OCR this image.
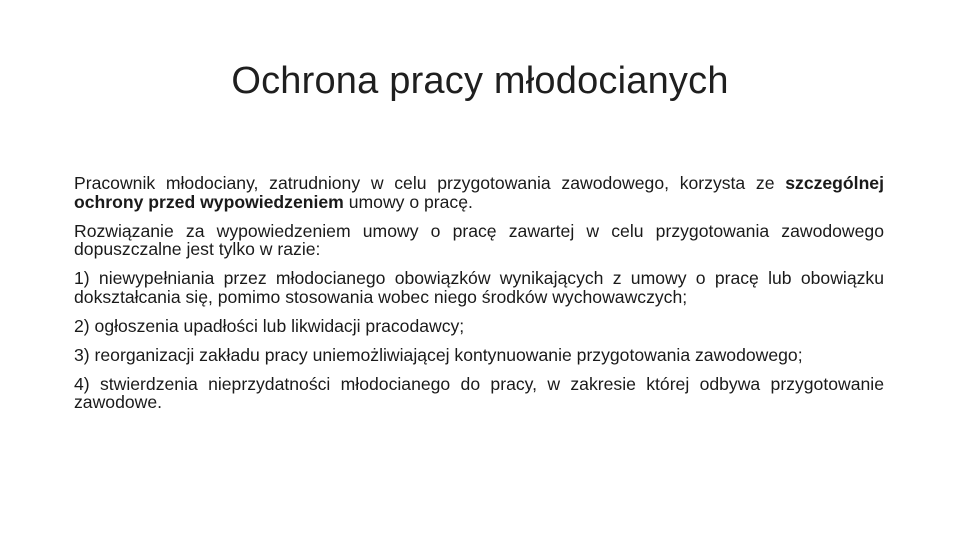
Ochrona pracy młodocianych

Pracownik młodociany, zatrudniony w celu przygotowania zawodowego, korzysta ze szczególnej ochrony przed wypowiedzeniem umowy o pracę.

Rozwiązanie za wypowiedzeniem umowy o pracę zawartej w celu przygotowania zawodowego dopuszczalne jest tylko w razie:

1) niewypełniania przez młodocianego obowiązków wynikających z umowy o pracę lub obowiązku dokształcania się, pomimo stosowania wobec niego środków wychowawczych;

2) ogłoszenia upadłości lub likwidacji pracodawcy;

3) reorganizacji zakładu pracy uniemożliwiającej kontynuowanie przygotowania zawodowego;

4) stwierdzenia nieprzydatności młodocianego do pracy, w zakresie której odbywa przygotowanie zawodowe.
